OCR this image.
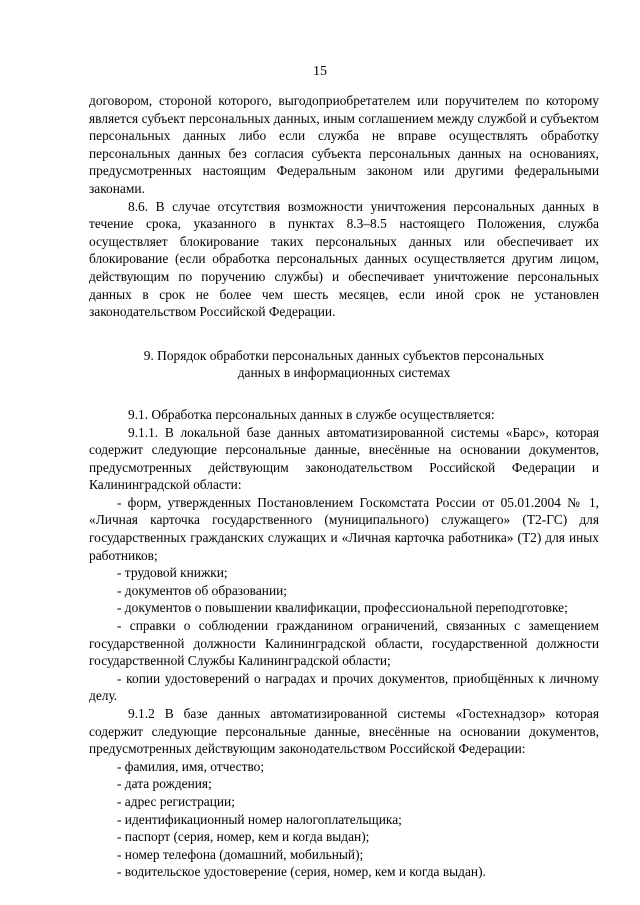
15

договором, стороной которого, выгодоприобретателем или поручителем по которому является субъект персональных данных, иным соглашением между службой и субъектом персональных данных либо если служба не вправе осуществлять обработку персональных данных без согласия субъекта персональных данных на основаниях, предусмотренных настоящим Федеральным законом или другими федеральными законами.

8.6. В случае отсутствия возможности уничтожения персональных данных в течение срока, указанного в пунктах 8.3–8.5 настоящего Положения, служба осуществляет блокирование таких персональных данных или обеспечивает их блокирование (если обработка персональных данных осуществляется другим лицом, действующим по поручению службы) и обеспечивает уничтожение персональных данных в срок не более чем шесть месяцев, если иной срок не установлен законодательством Российской Федерации.

9. Порядок обработки персональных данных субъектов персональных
данных в информационных системах

9.1. Обработка персональных данных в службе осуществляется:

9.1.1. В локальной базе данных автоматизированной системы «Барс», которая содержит следующие персональные данные, внесённые на основании документов, предусмотренных действующим законодательством Российской Федерации и Калининградской области:

- форм, утвержденных Постановлением Госкомстата России от 05.01.2004 № 1, «Личная карточка государственного (муниципального) служащего» (Т2-ГС) для государственных гражданских служащих и «Личная карточка работника» (Т2) для иных работников;

- трудовой книжки;

- документов об образовании;

- документов о повышении квалификации, профессиональной переподготовке;

- справки о соблюдении гражданином ограничений, связанных с замещением государственной должности Калининградской области, государственной должности государственной Службы Калининградской области;

- копии удостоверений о наградах и прочих документов, приобщённых к личному делу.

9.1.2 В базе данных автоматизированной системы «Гостехнадзор» которая содержит следующие персональные данные, внесённые на основании документов, предусмотренных действующим законодательством Российской Федерации:

- фамилия, имя, отчество;

- дата рождения;

- адрес регистрации;

- идентификационный номер налогоплательщика;

- паспорт (серия, номер, кем и когда выдан);

- номер телефона (домашний, мобильный);

- водительское удостоверение (серия, номер, кем и когда выдан).
